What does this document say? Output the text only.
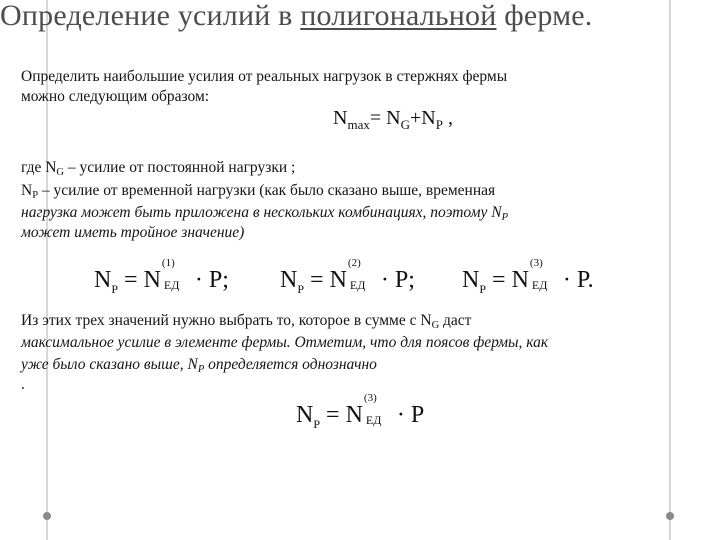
Определение усилий в полигональной ферме.
Определить наибольшие усилия от реальных нагрузок в стержнях фермы
можно следующим образом:
$N_{max}= N_G+N_P$ ,
где $N_G$ – усилие от постоянной нагрузки ;
$N_P$ – усилие от временной нагрузки (как было сказано выше, временная
нагрузка может быть приложена в нескольких комбинациях, поэтому $N_P$
может иметь тройное значение)
$N_P = N$
(1)
ЕД · P; $N_P = N$
(2)
ЕД · P; $N_P = N$
(3)
ЕД · P.
Из этих трех значений нужно выбрать то, которое в сумме с $N_G$ даст
максимальное усилие в элементе фермы. Отметим, что для поясов фермы, как
уже было сказано выше, $N_P$ определяется однозначно
.
$N_P = N$
(3)
ЕД · P
